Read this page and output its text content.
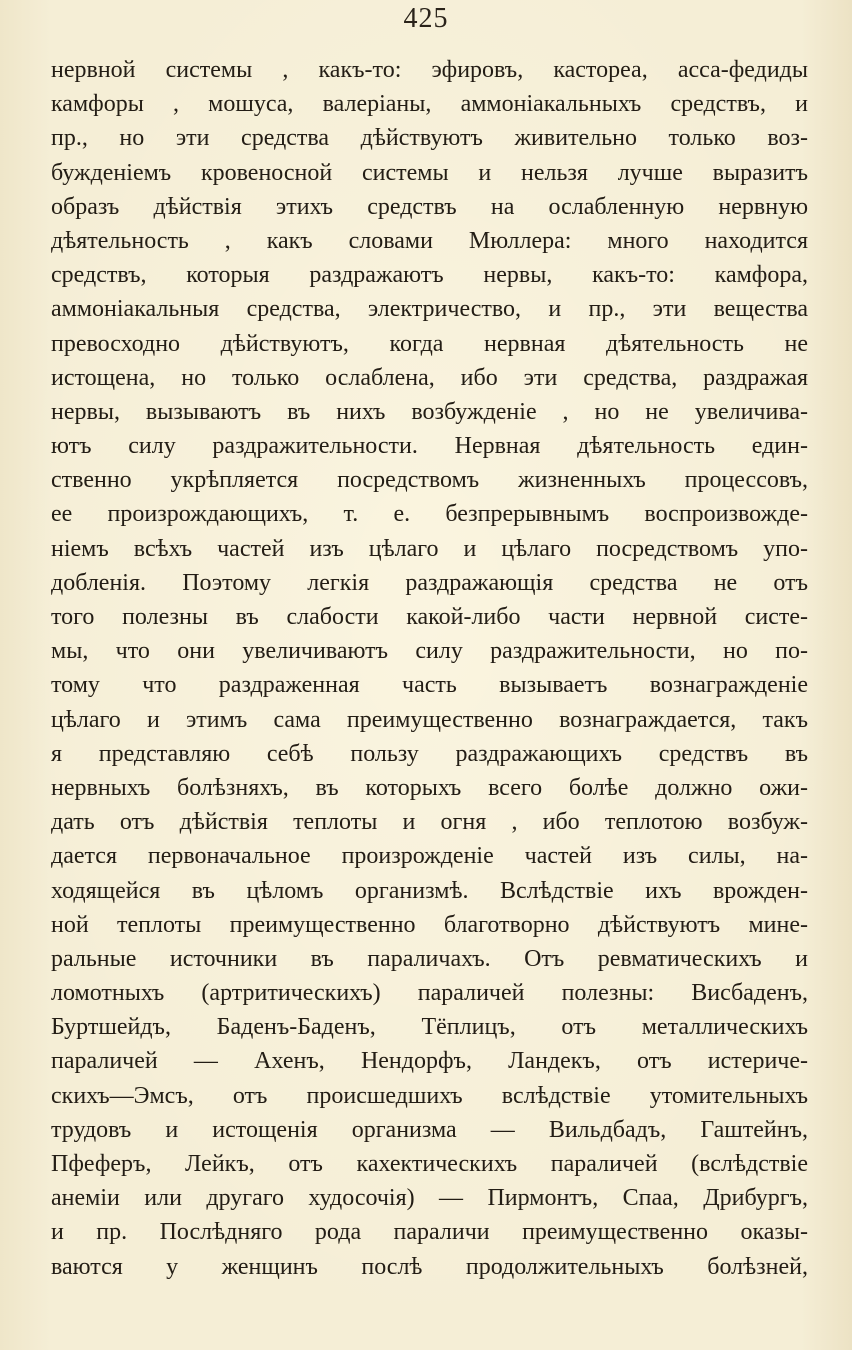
425
нервной системы , какъ-то: эфировъ, кастореа, асса-федиды
камфоры , мошуса, валеріаны, аммоніакальныхъ средствъ, и
пр., но эти средства дѣйствуютъ живительно только воз-
бужденіемъ кровеносной системы и нельзя лучше выразитъ
образъ дѣйствія этихъ средствъ на ослабленную нервную
дѣятельность , какъ словами Мюллера: много находится
средствъ, которыя раздражаютъ нервы, какъ-то: камфора,
аммоніакальныя средства, электричество, и пр., эти вещества
превосходно дѣйствуютъ, когда нервная дѣятельность не
истощена, но только ослаблена, ибо эти средства, раздражая
нервы, вызываютъ въ нихъ возбужденіе , но не увеличива-
ютъ силу раздражительности. Нервная дѣятельность един-
ственно укрѣпляется посредствомъ жизненныхъ процессовъ,
ее произрождающихъ, т. е. безпрерывнымъ воспроизвожде-
ніемъ всѣхъ частей изъ цѣлаго и цѣлаго посредствомъ упо-
добленія. Поэтому легкія раздражающія средства не отъ
того полезны въ слабости какой-либо части нервной систе-
мы, что они увеличиваютъ силу раздражительности, но по-
тому что раздраженная часть вызываетъ вознагражденіе
цѣлаго и этимъ сама преимущественно вознаграждается, такъ
я представляю себѣ пользу раздражающихъ средствъ въ
нервныхъ болѣзняхъ, въ которыхъ всего болѣе должно ожи-
дать отъ дѣйствія теплоты и огня , ибо теплотою возбуж-
дается первоначальное произрожденіе частей изъ силы, на-
ходящейся въ цѣломъ организмѣ. Вслѣдствіе ихъ врожден-
ной теплоты преимущественно благотворно дѣйствуютъ мине-
ральные источники въ параличахъ. Отъ ревматическихъ и
ломотныхъ (артритическихъ) параличей полезны: Висбаденъ,
Буртшейдъ, Баденъ-Баденъ, Тёплицъ, отъ металлическихъ
параличей — Ахенъ, Нендорфъ, Ландекъ, отъ истериче-
скихъ—Эмсъ, отъ происшедшихъ вслѣдствіе утомительныхъ
трудовъ и истощенія организма — Вильдбадъ, Гаштейнъ,
Пфеферъ, Лейкъ, отъ кахектическихъ параличей (вслѣдствіе
анеміи или другаго худосочія) — Пирмонтъ, Спаа, Дрибургъ,
и пр. Послѣдняго рода параличи преимущественно оказы-
ваются у женщинъ послѣ продолжительныхъ болѣзней,
